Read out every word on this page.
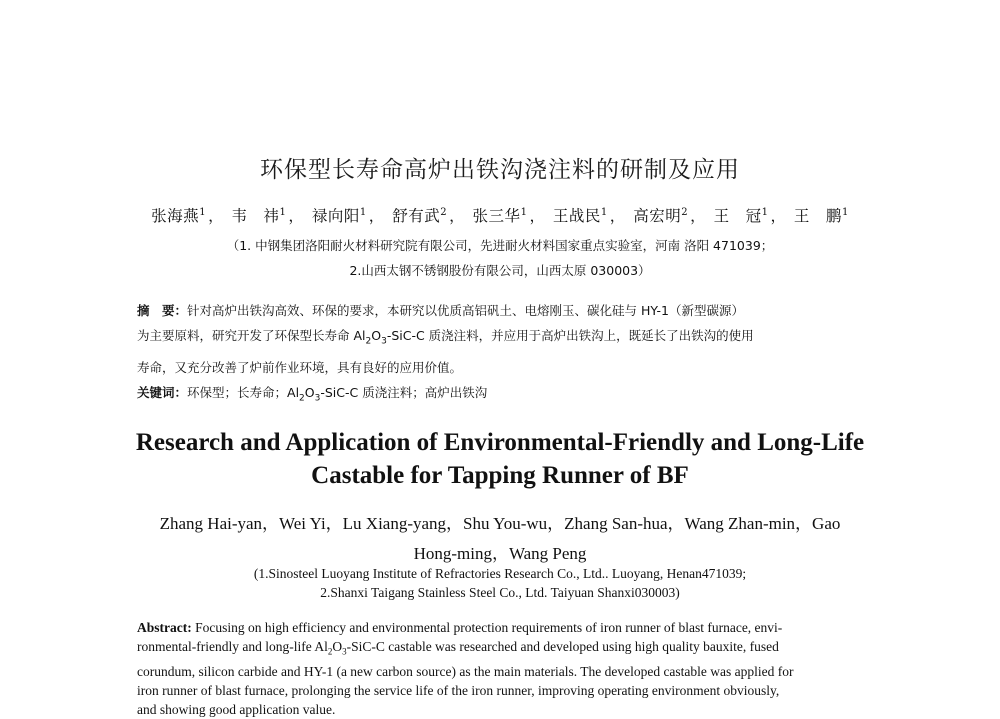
环保型长寿命高炉出铁沟浇注料的研制及应用
张海燕$^1$ ， 韦　祎$^1$ ， 禄向阳$^1$ ， 舒有武$^2$ ， 张三华$^1$ ， 王战民$^1$ ， 高宏明$^2$ ， 王　冠$^1$ ， 王　鹏$^1$
（1. 中钢集团洛阳耐火材料研究院有限公司，先进耐火材料国家重点实验室，河南 洛阳 471039；
2.山西太钢不锈钢股份有限公司，山西太原 030003）
摘　要：针对高炉出铁沟高效、环保的要求，本研究以优质高铝矾土、电熔刚玉、碳化硅与 HY-1（新型碳源）
为主要原料，研究开发了环保型长寿命 $Al_2O_3-SiC-C$ 质浇注料，并应用于高炉出铁沟上，既延长了出铁沟的使用
寿命，又充分改善了炉前作业环境，具有良好的应用价值。
关键词：环保型；长寿命；$Al_2O_3-SiC-C$ 质浇注料；高炉出铁沟
Research and Application of Environmental-Friendly and Long-Life
Castable for Tapping Runner of BF
Zhang Hai-yan，Wei Yi，Lu Xiang-yang，Shu You-wu，Zhang San-hua，Wang Zhan-min，Gao
Hong-ming，Wang Peng
(1.Sinosteel Luoyang Institute of Refractories Research Co., Ltd.. Luoyang, Henan471039;
2.Shanxi Taigang Stainless Steel Co., Ltd. Taiyuan Shanxi030003)
Abstract: Focusing on high efficiency and environmental protection requirements of iron runner of blast furnace, envi-
ronmental-friendly and long-life $Al_2O_3-SiC-C$ castable was researched and developed using high quality bauxite, fused
corundum, silicon carbide and HY-1 (a new carbon source) as the main materials. The developed castable was applied for
iron runner of blast furnace, prolonging the service life of the iron runner, improving operating environment obviously,
and showing good application value.
